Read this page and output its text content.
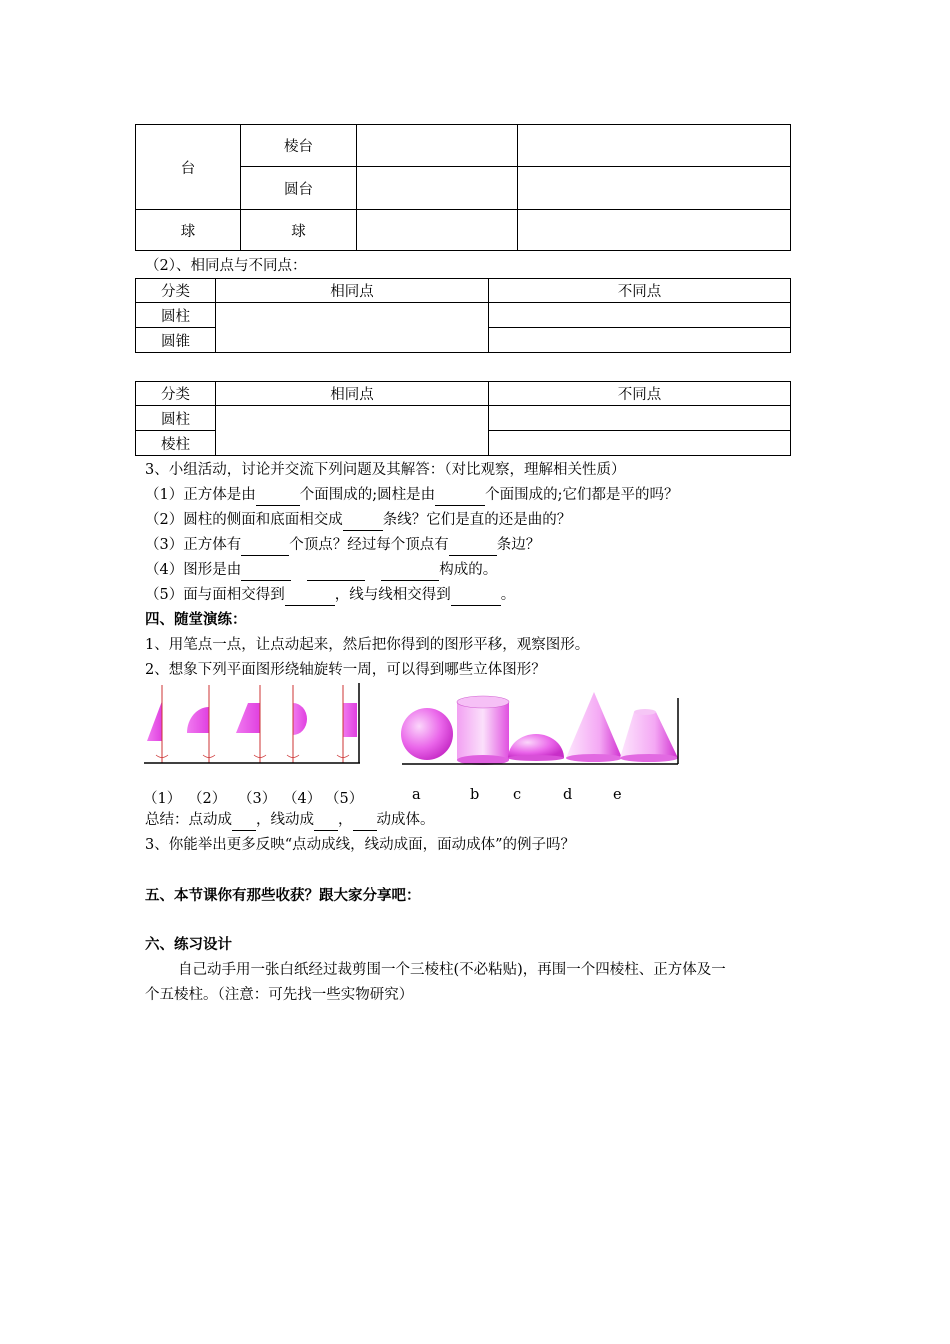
台	棱台		
	圆台		
球	球		
（2）、相同点与不同点：
分类	相同点	不同点
圆柱		
圆锥		
分类	相同点	不同点
圆柱		
棱柱		
3、小组活动，讨论并交流下列问题及其解答：（对比观察，理解相关性质）
（1）正方体是由	个面围成的;圆柱是由	个面围成的;它们都是平的吗？
（2）圆柱的侧面和底面相交成	条线？它们是直的还是曲的？
（3）正方体有	个顶点？经过每个顶点有	条边？
（4）图形是由	构成的。
（5）面与面相交得到	，线与线相交得到	。
四、随堂演练：
1、用笔点一点，让点动起来，然后把你得到的图形平移，观察图形。
2、想象下列平面图形绕轴旋转一周，可以得到哪些立体图形？
（1） （2） （3） （4） （5）	a	b c	d	e
总结：点动成 ，线动成 ， 动成体。
3、你能举出更多反映“点动成线，线动成面，面动成体”的例子吗？
五、本节课你有那些收获？跟大家分享吧：
六、练习设计
自己动手用一张白纸经过裁剪围一个三棱柱(不必粘贴)，再围一个四棱柱、正方体及一
个五棱柱。（注意：可先找一些实物研究）
